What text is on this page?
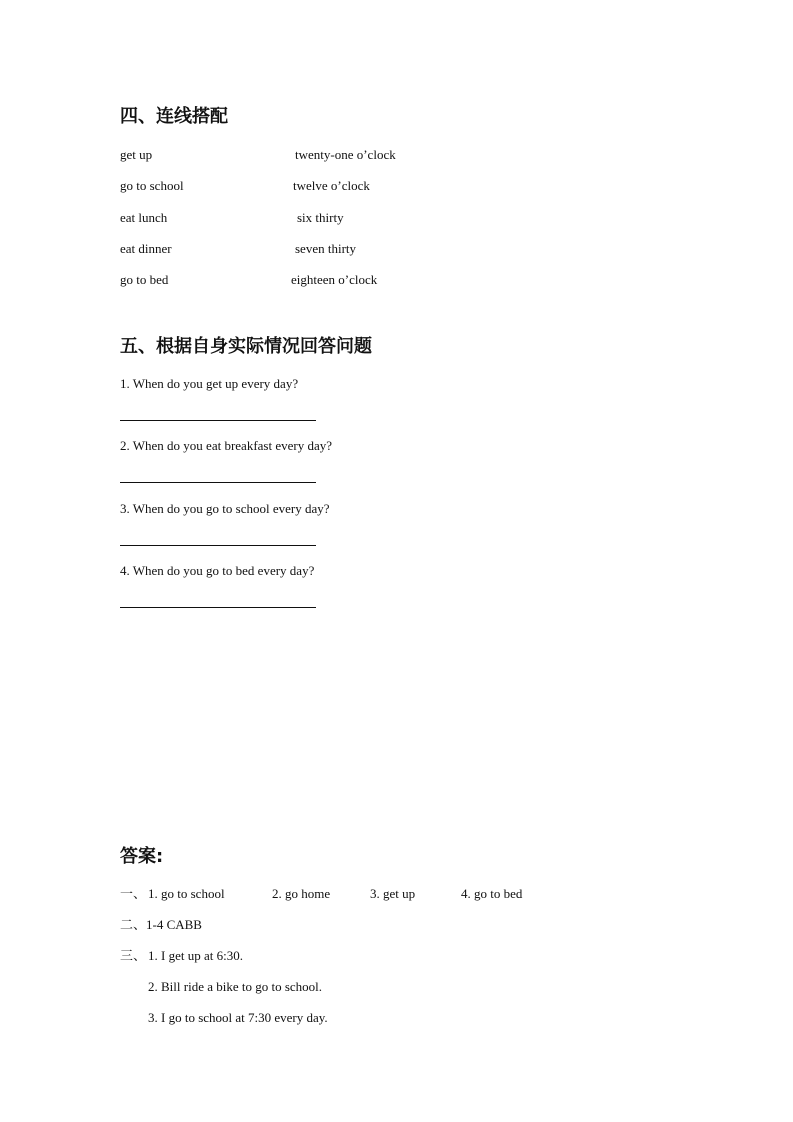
四、连线搭配
get up	twenty-one o’clock
go to school	twelve o’clock
eat lunch	six thirty
eat dinner	seven thirty
go to bed	eighteen o’clock
五、根据自身实际情况回答问题
1. When do you get up every day?
2. When do you eat breakfast every day?
3. When do you go to school every day?
4. When do you go to bed every day?
答案:
一、 1. go to school	2. go home	3. get up	4. go to bed
二、1-4 CABB
三、 1. I get up at 6:30.
2. Bill ride a bike to go to school.
3. I go to school at 7:30 every day.
